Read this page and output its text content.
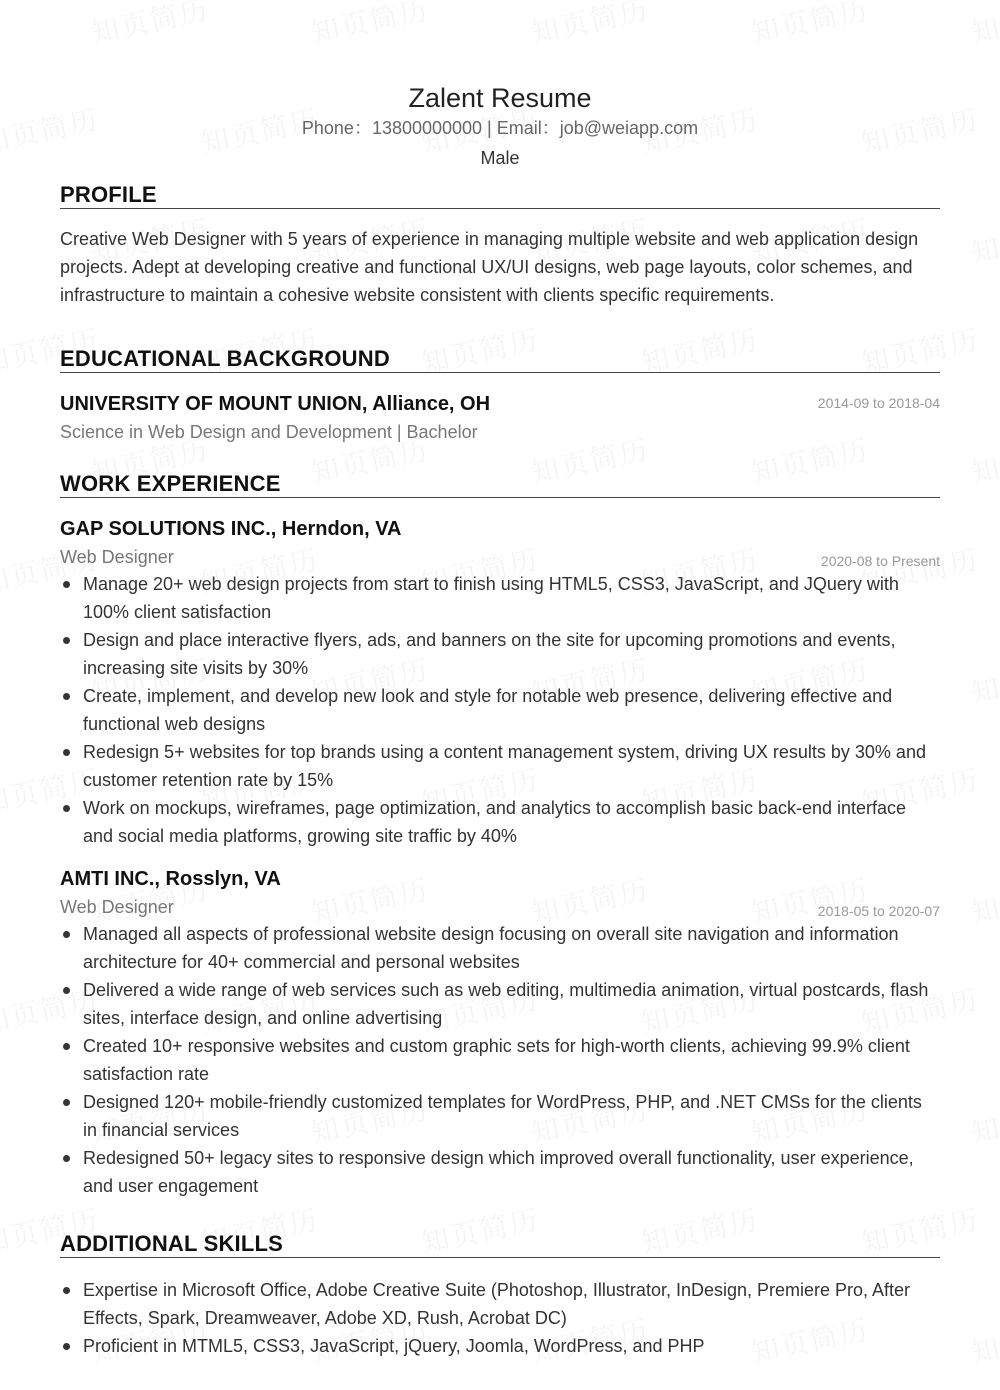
Zalent Resume
Phone：13800000000 | Email：job@weiapp.com
Male
PROFILE
Creative Web Designer with 5 years of experience in managing multiple website and web application design projects. Adept at developing creative and functional UX/UI designs, web page layouts, color schemes, and infrastructure to maintain a cohesive website consistent with clients specific requirements.
EDUCATIONAL BACKGROUND
UNIVERSITY OF MOUNT UNION, Alliance, OH	2014-09 to 2018-04
Science in Web Design and Development | Bachelor
WORK EXPERIENCE
GAP SOLUTIONS INC., Herndon, VA
Web Designer	2020-08 to Present
Manage 20+ web design projects from start to finish using HTML5, CSS3, JavaScript, and JQuery with 100% client satisfaction
Design and place interactive flyers, ads, and banners on the site for upcoming promotions and events, increasing site visits by 30%
Create, implement, and develop new look and style for notable web presence, delivering effective and functional web designs
Redesign 5+ websites for top brands using a content management system, driving UX results by 30% and customer retention rate by 15%
Work on mockups, wireframes, page optimization, and analytics to accomplish basic back-end interface and social media platforms, growing site traffic by 40%
AMTI INC., Rosslyn, VA
Web Designer	2018-05 to 2020-07
Managed all aspects of professional website design focusing on overall site navigation and information architecture for 40+ commercial and personal websites
Delivered a wide range of web services such as web editing, multimedia animation, virtual postcards, flash sites, interface design, and online advertising
Created 10+ responsive websites and custom graphic sets for high-worth clients, achieving 99.9% client satisfaction rate
Designed 120+ mobile-friendly customized templates for WordPress, PHP, and .NET CMSs for the clients in financial services
Redesigned 50+ legacy sites to responsive design which improved overall functionality, user experience, and user engagement
ADDITIONAL SKILLS
Expertise in Microsoft Office, Adobe Creative Suite (Photoshop, Illustrator, InDesign, Premiere Pro, After Effects, Spark, Dreamweaver, Adobe XD, Rush, Acrobat DC)
Proficient in MTML5, CSS3, JavaScript, jQuery, Joomla, WordPress, and PHP
